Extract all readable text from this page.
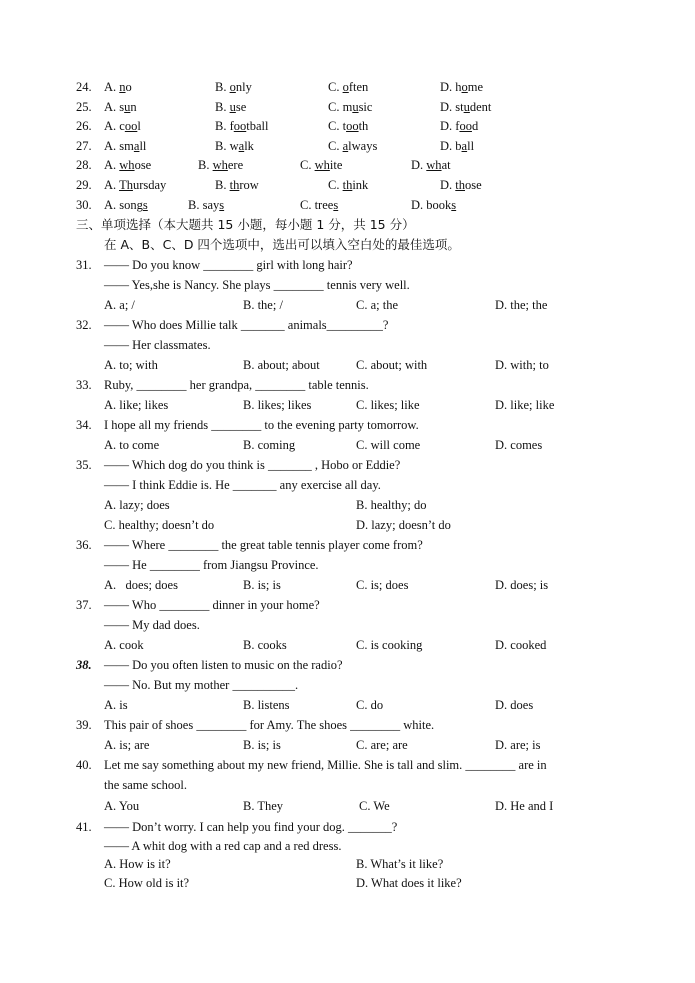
24. A. no	B. only	C. often	D. home
25. A. sun	B. use	C. music	D. student
26. A. cool	B. football	C. tooth	D. food
27. A. small	B. walk	C. always	D. ball
28. A. whose	B. where	C. white	D. what
29. A. Thursday	B. throw	C. think	D. those
30. A. songs	B. says	C. trees	D. books
三、单项选择（本大题共 15 小题，每小题 1 分，共 15 分）
在 A、B、C、D 四个选项中，选出可以填入空白处的最佳选项。
31. —— Do you know ________ girl with long hair?
—— Yes,she is Nancy. She plays ________ tennis very well.
A. a; /	B. the; /	C. a; the	D. the; the
32. —— Who does Millie talk _______ animals_________?
—— Her classmates.
A. to; with	B. about; about	C. about; with	D. with; to
33. Ruby, ________ her grandpa, ________ table tennis.
A. like; likes	B. likes; likes	C. likes; like	D. like; like
34. I hope all my friends ________ to the evening party tomorrow.
A. to come	B. coming	C. will come	D. comes
35. —— Which dog do you think is _______ , Hobo or Eddie?
—— I think Eddie is. He _______ any exercise all day.
A. lazy; does	B. healthy; do
C. healthy; doesn’t do	D. lazy; doesn’t do
36. —— Where ________ the great table tennis player come from?
—— He ________ from Jiangsu Province.
A.   does; does	B. is; is	C. is; does	D. does; is
37. —— Who ________ dinner in your home?
—— My dad does.
A. cook	B. cooks	C. is cooking	D. cooked
38. —— Do you often listen to music on the radio?
—— No. But my mother __________.
A. is	B. listens	C. do	D. does
39. This pair of shoes ________ for Amy. The shoes ________ white.
A. is; are	B. is; is	C. are; are	D. are; is
40. Let me say something about my new friend, Millie. She is tall and slim. ________ are in
the same school.
A. You	B. They	C. We	D. He and I
41. —— Don’t worry. I can help you find your dog. _______?
—— A whit dog with a red cap and a red dress.
A. How is it?	B. What’s it like?
C. How old is it?	D. What does it like?
